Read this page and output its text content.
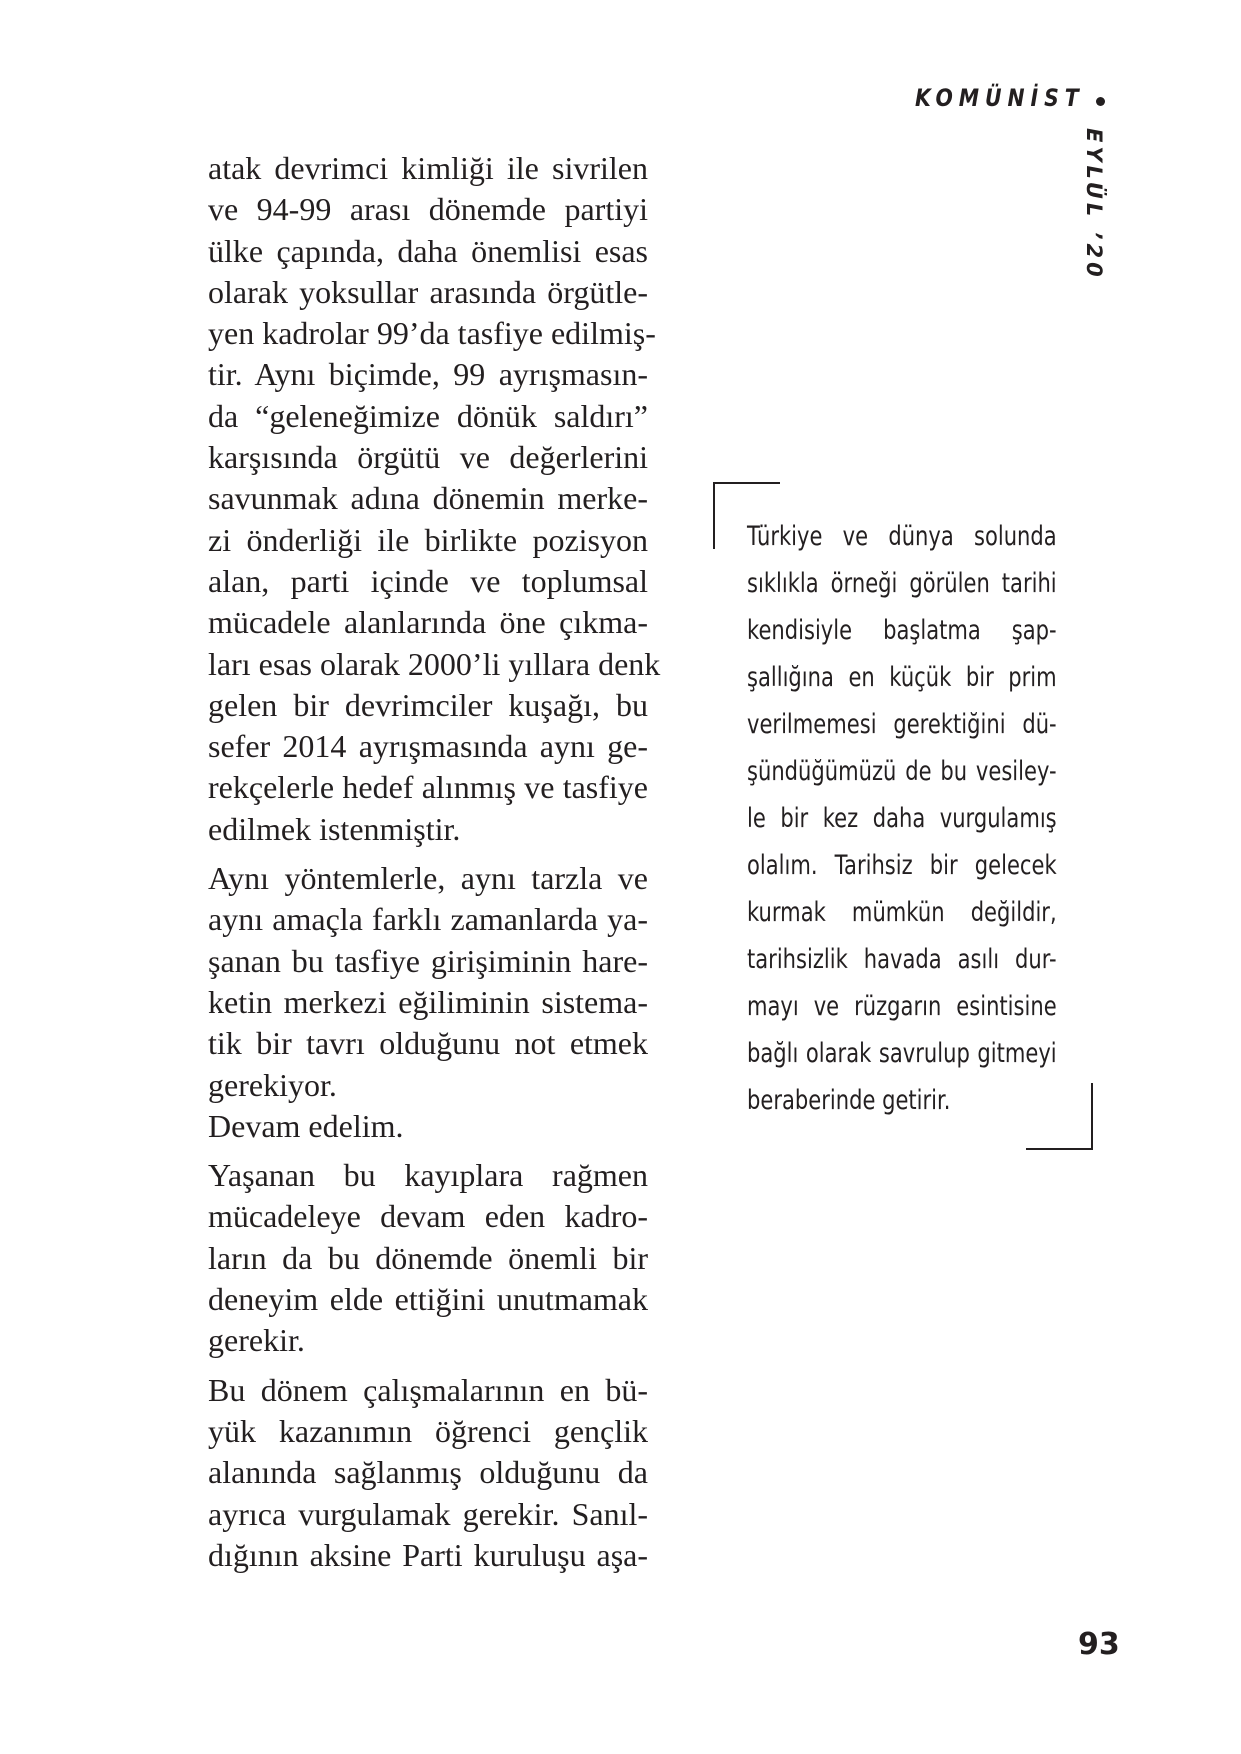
KOMÜNİST
EYLÜL ’20
atak devrimci kimliği ile sivrilen
ve 94-99 arası dönemde partiyi
ülke çapında, daha önemlisi esas
olarak yoksullar arasında örgütle-
yen kadrolar 99’da tasfiye edilmiş-
tir. Aynı biçimde, 99 ayrışmasın-
da “geleneğimize dönük saldırı”
karşısında örgütü ve değerlerini
savunmak adına dönemin merke-
zi önderliği ile birlikte pozisyon
alan, parti içinde ve toplumsal
mücadele alanlarında öne çıkma-
ları esas olarak 2000’li yıllara denk
gelen bir devrimciler kuşağı, bu
sefer 2014 ayrışmasında aynı ge-
rekçelerle hedef alınmış ve tasfiye
edilmek istenmiştir.
Aynı yöntemlerle, aynı tarzla ve
aynı amaçla farklı zamanlarda ya-
şanan bu tasfiye girişiminin hare-
ketin merkezi eğiliminin sistema-
tik bir tavrı olduğunu not etmek
gerekiyor.
Devam edelim.
Yaşanan bu kayıplara rağmen
mücadeleye devam eden kadro-
ların da bu dönemde önemli bir
deneyim elde ettiğini unutmamak
gerekir.
Bu dönem çalışmalarının en bü-
yük kazanımın öğrenci gençlik
alanında sağlanmış olduğunu da
ayrıca vurgulamak gerekir. Sanıl-
dığının aksine Parti kuruluşu aşa-
Türkiye ve dünya solunda
sıklıkla örneği görülen tarihi
kendisiyle başlatma şap-
şallığına en küçük bir prim
verilmemesi gerektiğini dü-
şündüğümüzü de bu vesiley-
le bir kez daha vurgulamış
olalım. Tarihsiz bir gelecek
kurmak mümkün değildir,
tarihsizlik havada asılı dur-
mayı ve rüzgarın esintisine
bağlı olarak savrulup gitmeyi
beraberinde getirir.
93
